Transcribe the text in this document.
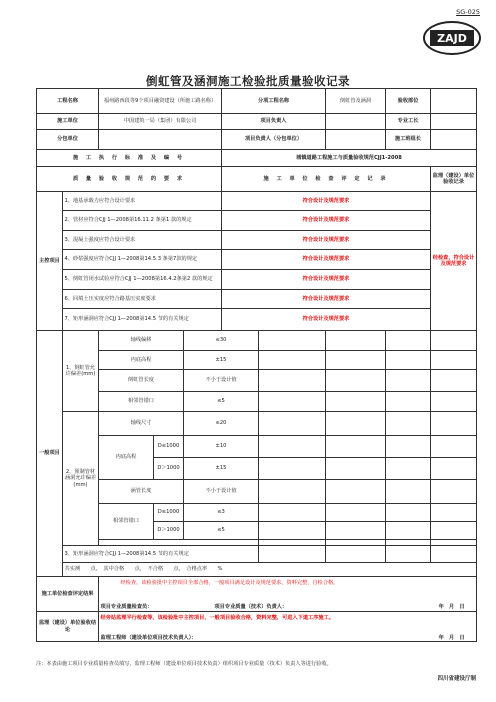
SG-025
ZAJD
倒虹管及涵洞施工检验批质量验收记录
工程名称		福州路西段等9个项目融资建设（所施工路名称）			分项工程名称		倒虹管及涵洞	验收部位		
施工单位		中国建筑一局（集团）有限公司			项目负责人			专业工长		
分包单位					项目负责人（分包单位）			施工班组长		
施 工 执 行 标 准 及 编 号					城镇道路工程施工与质量验收规范CJJ1-2008					
质 量 验 收 规 范 的 要 求					施 工 单 位 检 查 评 定 记 录				监理（建设）单位验收记录	
主控项目	1、地基承载力应符合设计要求				符合设计及规范要求				经检查，符合设计及规范要求	
	2、管材应符合CJJ 1—2008第16.11.2 条第1 款的规定				符合设计及规范要求					
	3、混凝土强度应符合设计要求				符合设计及规范要求					
	4、砂浆强度应符合CJJ 1—2008第14.5.3 条第7款的规定				符合设计及规范要求					
	5、倒虹管闭水试验应符合CJJ 1—2008第16.4.2条第2 款的规定				符合设计及规范要求					
	6、回填土压实度应符合路基压实度要求				符合设计及规范要求					
	7、矩形涵洞应符合CJJ 1—2008第14.5 节的有关规定				符合设计及规范要求					
一般项目	1、倒虹管允许偏差(mm)	轴线偏移		≤30					
		内底高程		±15						
		倒虹管长度		不小于设计值						
		相邻管错口		≤5						
	2、预制管材涵洞允许偏差(mm)	轴线尺寸		≤20						
		内底高程	D≤1000	±10						
			D＞1000	±15						
		涵管长度		不小于设计值						
		相邻管错口	D≤1000	≤3						
			D＞1000	≤5						

	3、矩形涵洞应符合CJJ 1—2008第14.5 节的有关规定									
	共实测　　点，　其中合格　　点，　不合格　　点，　合格点率　　%									
施工单位检查评定结果		经检查，该检验批中主控项目全部合格，一般项目满足设计及规范要求，资料完整，自检合格。
项目专业质量检查员： 项目专业质量（技术）负责人： 年　月　日								

监理（建设）单位验收结论		经旁站监理平行检查等，该检验批中主控项目、一般项目验收合格，资料完整，可进入下道工序施工。
监理工程师（建设单位项目技术负责人）： 年　月　日								
注：本表由施工项目专业质量检查员填写，监理工程师（建设单位项目技术负责）组织项目专业质量（技术）负责人等进行验收。
四川省建设厅制
